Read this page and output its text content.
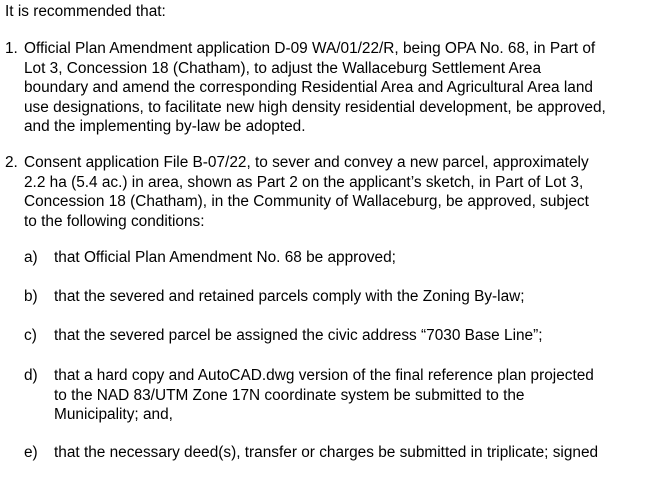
It is recommended that:
1. Official Plan Amendment application D-09 WA/01/22/R, being OPA No. 68, in Part of
Lot 3, Concession 18 (Chatham), to adjust the Wallaceburg Settlement Area
boundary and amend the corresponding Residential Area and Agricultural Area land
use designations, to facilitate new high density residential development, be approved,
and the implementing by-law be adopted.
2. Consent application File B-07/22, to sever and convey a new parcel, approximately
2.2 ha (5.4 ac.) in area, shown as Part 2 on the applicant’s sketch, in Part of Lot 3,
Concession 18 (Chatham), in the Community of Wallaceburg, be approved, subject
to the following conditions:
a) that Official Plan Amendment No. 68 be approved;
b) that the severed and retained parcels comply with the Zoning By-law;
c) that the severed parcel be assigned the civic address “7030 Base Line”;
d) that a hard copy and AutoCAD.dwg version of the final reference plan projected
to the NAD 83/UTM Zone 17N coordinate system be submitted to the
Municipality; and,
e) that the necessary deed(s), transfer or charges be submitted in triplicate; signed
